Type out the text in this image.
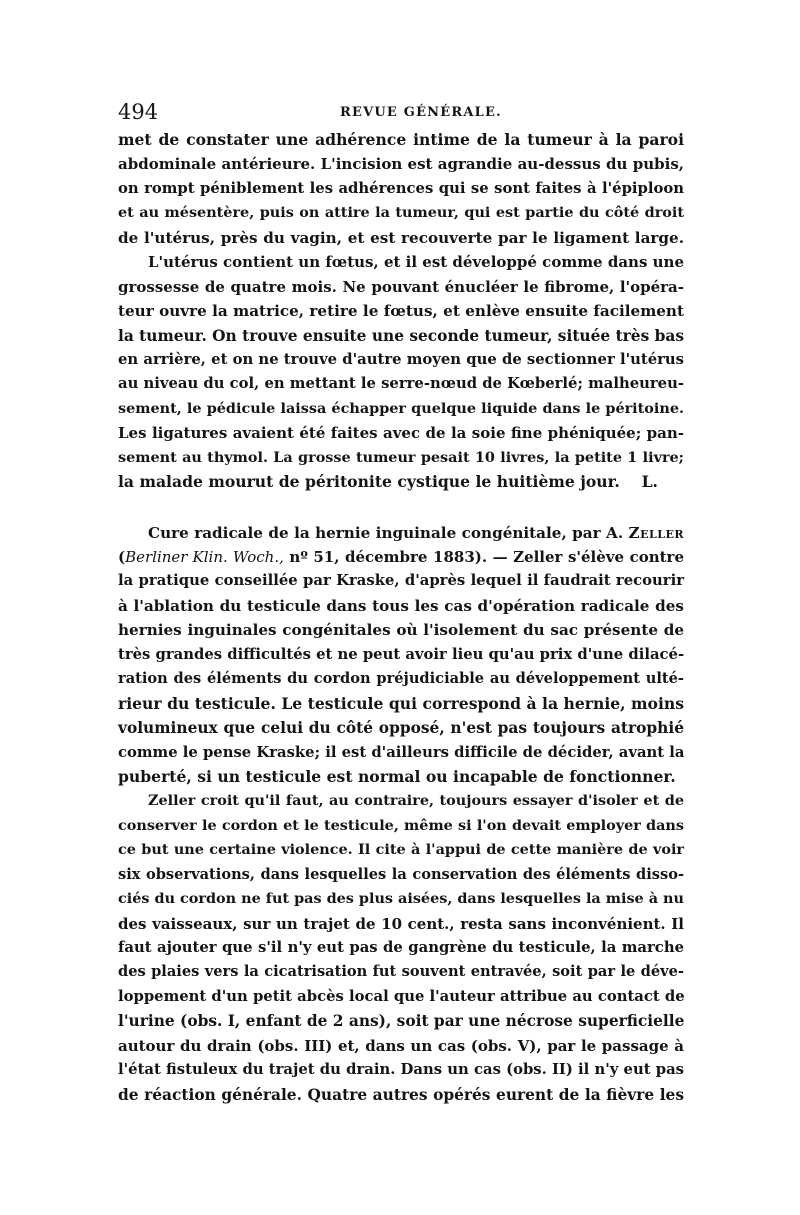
494	REVUE GÉNÉRALE.
met de constater une adhérence intime de la tumeur à la paroi
abdominale antérieure. L'incision est agrandie au-dessus du pubis,
on rompt péniblement les adhérences qui se sont faites à l'épiploon
et au mésentère, puis on attire la tumeur, qui est partie du côté droit
de l'utérus, près du vagin, et est recouverte par le ligament large.
L'utérus contient un fœtus, et il est développé comme dans une
grossesse de quatre mois. Ne pouvant énucléer le fibrome, l'opéra-
teur ouvre la matrice, retire le fœtus, et enlève ensuite facilement
la tumeur. On trouve ensuite une seconde tumeur, située très bas
en arrière, et on ne trouve d'autre moyen que de sectionner l'utérus
au niveau du col, en mettant le serre-nœud de Kœberlé; malheureu-
sement, le pédicule laissa échapper quelque liquide dans le péritoine.
Les ligatures avaient été faites avec de la soie fine phéniquée; pan-
sement au thymol. La grosse tumeur pesait 10 livres, la petite 1 livre;
la malade mourut de péritonite cystique le huitième jour. L.
Cure radicale de la hernie inguinale congénitale, par A. Zeller
(Berliner Klin. Woch., nº 51, décembre 1883). — Zeller s'élève contre
la pratique conseillée par Kraske, d'après lequel il faudrait recourir
à l'ablation du testicule dans tous les cas d'opération radicale des
hernies inguinales congénitales où l'isolement du sac présente de
très grandes difficultés et ne peut avoir lieu qu'au prix d'une dilacé-
ration des éléments du cordon préjudiciable au développement ulté-
rieur du testicule. Le testicule qui correspond à la hernie, moins
volumineux que celui du côté opposé, n'est pas toujours atrophié
comme le pense Kraske; il est d'ailleurs difficile de décider, avant la
puberté, si un testicule est normal ou incapable de fonctionner.
Zeller croit qu'il faut, au contraire, toujours essayer d'isoler et de
conserver le cordon et le testicule, même si l'on devait employer dans
ce but une certaine violence. Il cite à l'appui de cette manière de voir
six observations, dans lesquelles la conservation des éléments disso-
ciés du cordon ne fut pas des plus aisées, dans lesquelles la mise à nu
des vaisseaux, sur un trajet de 10 cent., resta sans inconvénient. Il
faut ajouter que s'il n'y eut pas de gangrène du testicule, la marche
des plaies vers la cicatrisation fut souvent entravée, soit par le déve-
loppement d'un petit abcès local que l'auteur attribue au contact de
l'urine (obs. I, enfant de 2 ans), soit par une nécrose superficielle
autour du drain (obs. III) et, dans un cas (obs. V), par le passage à
l'état fistuleux du trajet du drain. Dans un cas (obs. II) il n'y eut pas
de réaction générale. Quatre autres opérés eurent de la fièvre les
